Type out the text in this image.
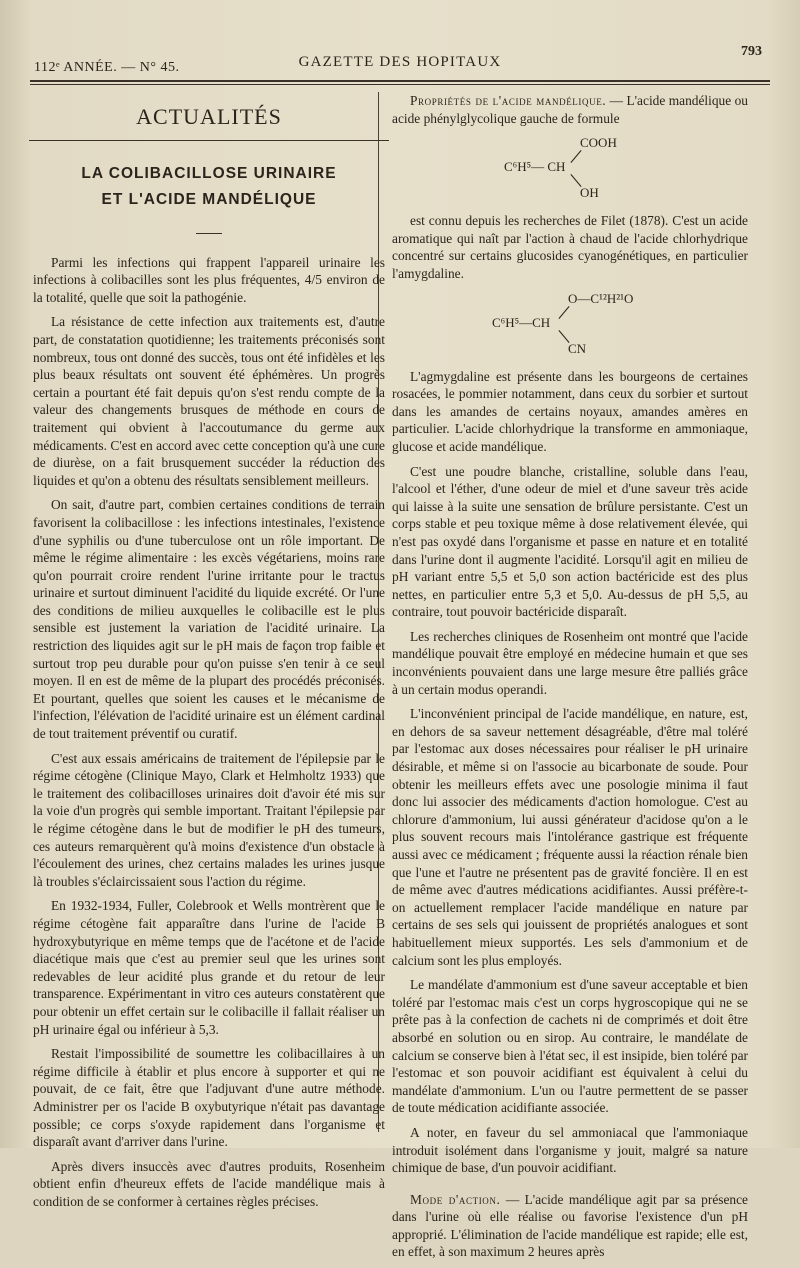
112ᵉ ANNÉE. — N° 45.	GAZETTE DES HOPITAUX
793
ACTUALITÉS
LA COLIBACILLOSE URINAIRE
ET L'ACIDE MANDÉLIQUE

Parmi les infections qui frappent l'appareil urinaire les infections à colibacilles sont les plus fréquentes, 4/5 environ de la totalité, quelle que soit la pathogénie.

La résistance de cette infection aux traitements est, d'autre part, de constatation quotidienne; les traitements préconisés sont nombreux, tous ont donné des succès, tous ont été infidèles et les plus beaux résultats ont souvent été éphémères. Un progrès certain a pourtant été fait depuis qu'on s'est rendu compte de la valeur des changements brusques de méthode en cours de traitement qui obvient à l'accoutumance du germe aux médicaments. C'est en accord avec cette conception qu'à une cure de diurèse, on a fait brusquement succéder la réduction des liquides et qu'on a obtenu des résultats sensiblement meilleurs.

On sait, d'autre part, combien certaines conditions de terrain favorisent la colibacillose : les infections intestinales, l'existence d'une syphilis ou d'une tuberculose ont un rôle important. De même le régime alimentaire : les excès végétariens, moins rare qu'on pourrait croire rendent l'urine irritante pour le tractus urinaire et surtout diminuent l'acidité du liquide excrété. Or l'une des conditions de milieu auxquelles le colibacille est le plus sensible est justement la variation de l'acidité urinaire. La restriction des liquides agit sur le pH mais de façon trop faible et surtout trop peu durable pour qu'on puisse s'en tenir à ce seul moyen. Il en est de même de la plupart des procédés préconisés. Et pourtant, quelles que soient les causes et le mécanisme de l'infection, l'élévation de l'acidité urinaire est un élément cardinal de tout traitement préventif ou curatif.

C'est aux essais américains de traitement de l'épilepsie par le régime cétogène (Clinique Mayo, Clark et Helmholtz 1933) que le traitement des colibacilloses urinaires doit d'avoir été mis sur la voie d'un progrès qui semble important. Traitant l'épilepsie par le régime cétogène dans le but de modifier le pH des tumeurs, ces auteurs remarquèrent qu'à moins d'existence d'un obstacle à l'écoulement des urines, chez certains malades les urines jusque là troubles s'éclaircissaient sous l'action du régime.

En 1932-1934, Fuller, Colebrook et Wells montrèrent que le régime cétogène fait apparaître dans l'urine de l'acide B hydroxybutyrique en même temps que de l'acétone et de l'acide diacétique mais que c'est au premier seul que les urines sont redevables de leur acidité plus grande et du retour de leur transparence. Expérimentant in vitro ces auteurs constatèrent que pour obtenir un effet certain sur le colibacille il fallait réaliser un pH urinaire égal ou inférieur à 5,3.

Restait l'impossibilité de soumettre les colibacillaires à un régime difficile à établir et plus encore à supporter et qui ne pouvait, de ce fait, être que l'adjuvant d'une autre méthode. Administrer per os l'acide B oxybutyrique n'était pas davantage possible; ce corps s'oxyde rapidement dans l'organisme et disparaît avant d'arriver dans l'urine.

Après divers insuccès avec d'autres produits, Rosenheim obtient enfin d'heureux effets de l'acide mandélique mais à condition de se conformer à certaines règles précises.

Propriétés de l'acide mandélique. — L'acide mandélique ou acide phénylglycolique gauche de formule

COOH
C⁶H⁵— CH
OH

est connu depuis les recherches de Filet (1878). C'est un acide aromatique qui naît par l'action à chaud de l'acide chlorhydrique concentré sur certains glucosides cyanogénétiques, en particulier l'amygdaline.

O—C¹²H²¹O
C⁶H⁵—CH
CN

L'agmygdaline est présente dans les bourgeons de certaines rosacées, le pommier notamment, dans ceux du sorbier et surtout dans les amandes de certains noyaux, amandes amères en particulier. L'acide chlorhydrique la transforme en ammoniaque, glucose et acide mandélique.

C'est une poudre blanche, cristalline, soluble dans l'eau, l'alcool et l'éther, d'une odeur de miel et d'une saveur très acide qui laisse à la suite une sensation de brûlure persistante. C'est un corps stable et peu toxique même à dose relativement élevée, qui n'est pas oxydé dans l'organisme et passe en nature et en totalité dans l'urine dont il augmente l'acidité. Lorsqu'il agit en milieu de pH variant entre 5,5 et 5,0 son action bactéricide est des plus nettes, en particulier entre 5,3 et 5,0. Au-dessus de pH 5,5, au contraire, tout pouvoir bactéricide disparaît.

Les recherches cliniques de Rosenheim ont montré que l'acide mandélique pouvait être employé en médecine humain et que ses inconvénients pouvaient dans une large mesure être palliés grâce à un certain modus operandi.

L'inconvénient principal de l'acide mandélique, en nature, est, en dehors de sa saveur nettement désagréable, d'être mal toléré par l'estomac aux doses nécessaires pour réaliser le pH urinaire désirable, et même si on l'associe au bicarbonate de soude. Pour obtenir les meilleurs effets avec une posologie minima il faut donc lui associer des médicaments d'action homologue. C'est au chlorure d'ammonium, lui aussi générateur d'acidose qu'on a le plus souvent recours mais l'intolérance gastrique est fréquente aussi avec ce médicament ; fréquente aussi la réaction rénale bien que l'une et l'autre ne présentent pas de gravité foncière. Il en est de même avec d'autres médications acidifiantes. Aussi préfère-t-on actuellement remplacer l'acide mandélique en nature par certains de ses sels qui jouissent de propriétés analogues et sont habituellement mieux supportés. Les sels d'ammonium et de calcium sont les plus employés.

Le mandélate d'ammonium est d'une saveur acceptable et bien toléré par l'estomac mais c'est un corps hygroscopique qui ne se prête pas à la confection de cachets ni de comprimés et doit être absorbé en solution ou en sirop. Au contraire, le mandélate de calcium se conserve bien à l'état sec, il est insipide, bien toléré par l'estomac et son pouvoir acidifiant est équivalent à celui du mandélate d'ammonium. L'un ou l'autre permettent de se passer de toute médication acidifiante associée.

A noter, en faveur du sel ammoniacal que l'ammoniaque introduit isolément dans l'organisme y jouit, malgré sa nature chimique de base, d'un pouvoir acidifiant.

Mode d'action. — L'acide mandélique agit par sa présence dans l'urine où elle réalise ou favorise l'existence d'un pH approprié. L'élimination de l'acide mandélique est rapide; elle est, en effet, à son maximum 2 heures après
